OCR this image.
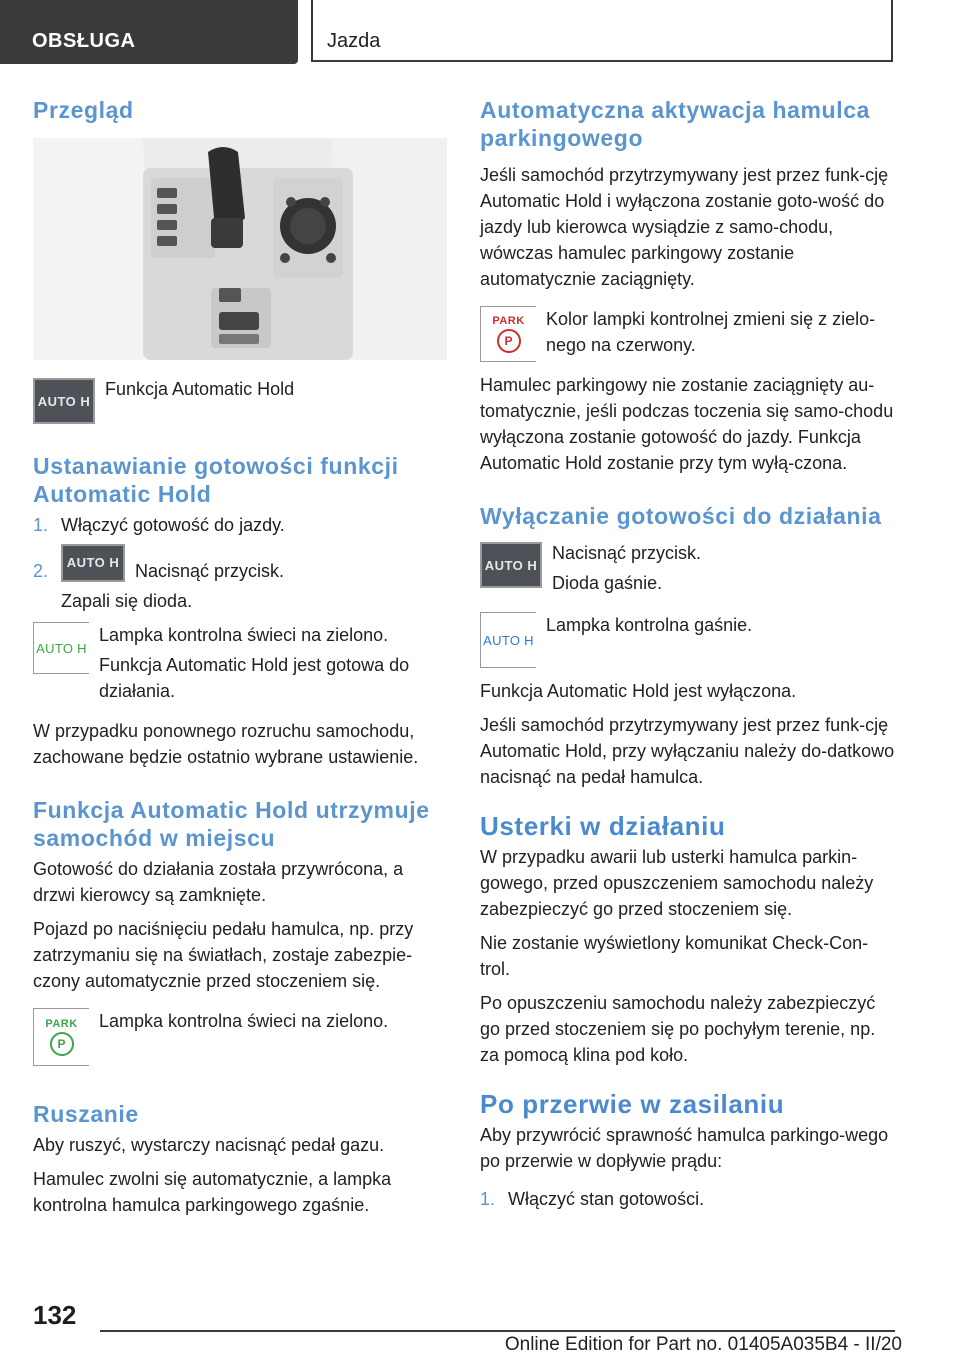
OBSŁUGA	Jazda
Przegląd
AUTO H

Funkcja Automatic Hold

Ustanawianie gotowości funkcji Automatic Hold
1. Włączyć gotowość do jazdy.
2.	AUTO H Nacisnąć przycisk.

Zapali się dioda.

AUTO H

Lampka kontrolna świeci na zielono.

Funkcja Automatic Hold jest gotowa do działania.

W przypadku ponownego rozruchu samochodu, zachowane będzie ostatnio wybrane ustawienie.

Funkcja Automatic Hold utrzymuje samochód w miejscu

Gotowość do działania została przywrócona, a drzwi kierowcy są zamknięte.

Pojazd po naciśnięciu pedału hamulca, np. przy zatrzymaniu się na światłach, zostaje zabezpie-czony automatycznie przed stoczeniem się.

PARK
P

Lampka kontrolna świeci na zielono.

Ruszanie

Aby ruszyć, wystarczy nacisnąć pedał gazu.

Hamulec zwolni się automatycznie, a lampka kontrolna hamulca parkingowego zgaśnie.

Automatyczna aktywacja hamulca parkingowego

Jeśli samochód przytrzymywany jest przez funk-cję Automatic Hold i wyłączona zostanie goto-wość do jazdy lub kierowca wysiądzie z samo-chodu, wówczas hamulec parkingowy zostanie automatycznie zaciągnięty.

PARK
P

Kolor lampki kontrolnej zmieni się z zielo-nego na czerwony.

Hamulec parkingowy nie zostanie zaciągnięty au-tomatycznie, jeśli podczas toczenia się samo-chodu wyłączona zostanie gotowość do jazdy. Funkcja Automatic Hold zostanie przy tym wyłą-czona.

Wyłączanie gotowości do działania
AUTO H

Nacisnąć przycisk.

Dioda gaśnie.

AUTO H

Lampka kontrolna gaśnie.

Funkcja Automatic Hold jest wyłączona.

Jeśli samochód przytrzymywany jest przez funk-cję Automatic Hold, przy wyłączaniu należy do-datkowo nacisnąć na pedał hamulca.

Usterki w działaniu

W przypadku awarii lub usterki hamulca parkin-gowego, przed opuszczeniem samochodu należy zabezpieczyć go przed stoczeniem się.

Nie zostanie wyświetlony komunikat Check-Con-trol.

Po opuszczeniu samochodu należy zabezpieczyć go przed stoczeniem się po pochyłym terenie, np. za pomocą klina pod koło.

Po przerwie w zasilaniu

Aby przywrócić sprawność hamulca parkingo-wego po przerwie w dopływie prądu:

1. Włączyć stan gotowości.
132
Online Edition for Part no. 01405A035B4 - II/20
